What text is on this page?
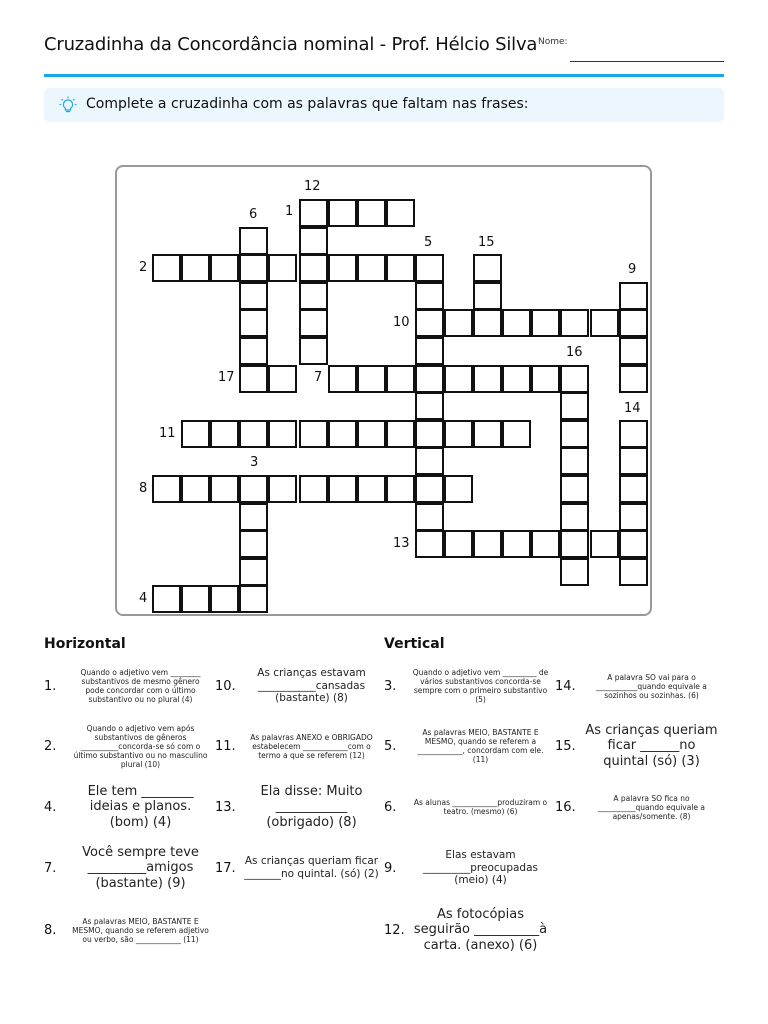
Cruzadinha da Concordância nominal - Prof. Hélcio Silva Nome:
Complete a cruzadinha com as palavras que faltam nas frases:
12
6 1
5	15
2	9
10
16
17	7
14
11
3
8
13
4
Horizontal	Vertical
1.
Quando o adjetivo vem ________ substantivos de mesmo gênero pode concordar com o último substantivo ou no plural (4)
10.
As crianças estavam ___________cansadas (bastante) (8)
2.
Quando o adjetivo vem após substantivos de gêneros __________concorda-se só com o último substantivo ou no masculino plural (10)
11.
As palavras ANEXO e OBRIGADO estabelecem ____________com o termo a que se referem (12)
4.
Ele tem ________ ideias e planos. (bom) (4)
13.
Ela disse: Muito ___________ (obrigado) (8)
7.
Você sempre teve _________amigos (bastante) (9)
17. As crianças queriam ficar _______no quintal. (só) (2)
8.
As palavras MEIO, BASTANTE E MESMO, quando se referem adjetivo ou verbo, são ____________ (11)
3.
Quando o adjetivo vem _________ de vários substantivos concorda-se sempre com o primeiro substantivo (5)
14.
A palavra SO vai para o ___________quando equivale a sozinhos ou sozinhas. (6)
5.
As palavras MEIO, BASTANTE E MESMO, quando se referem a ____________, concordam com ele. (11)
15.
As crianças queriam ficar ______no quintal (só) (3)
6.	As alunas ____________produziram o teatro. (mesmo) (6)	16.
A palavra SO fica no __________quando equivale a apenas/somente. (8)
9.
Elas estavam _________preocupadas (meio) (4)
12.
As fotocópias seguirão __________à carta. (anexo) (6)
